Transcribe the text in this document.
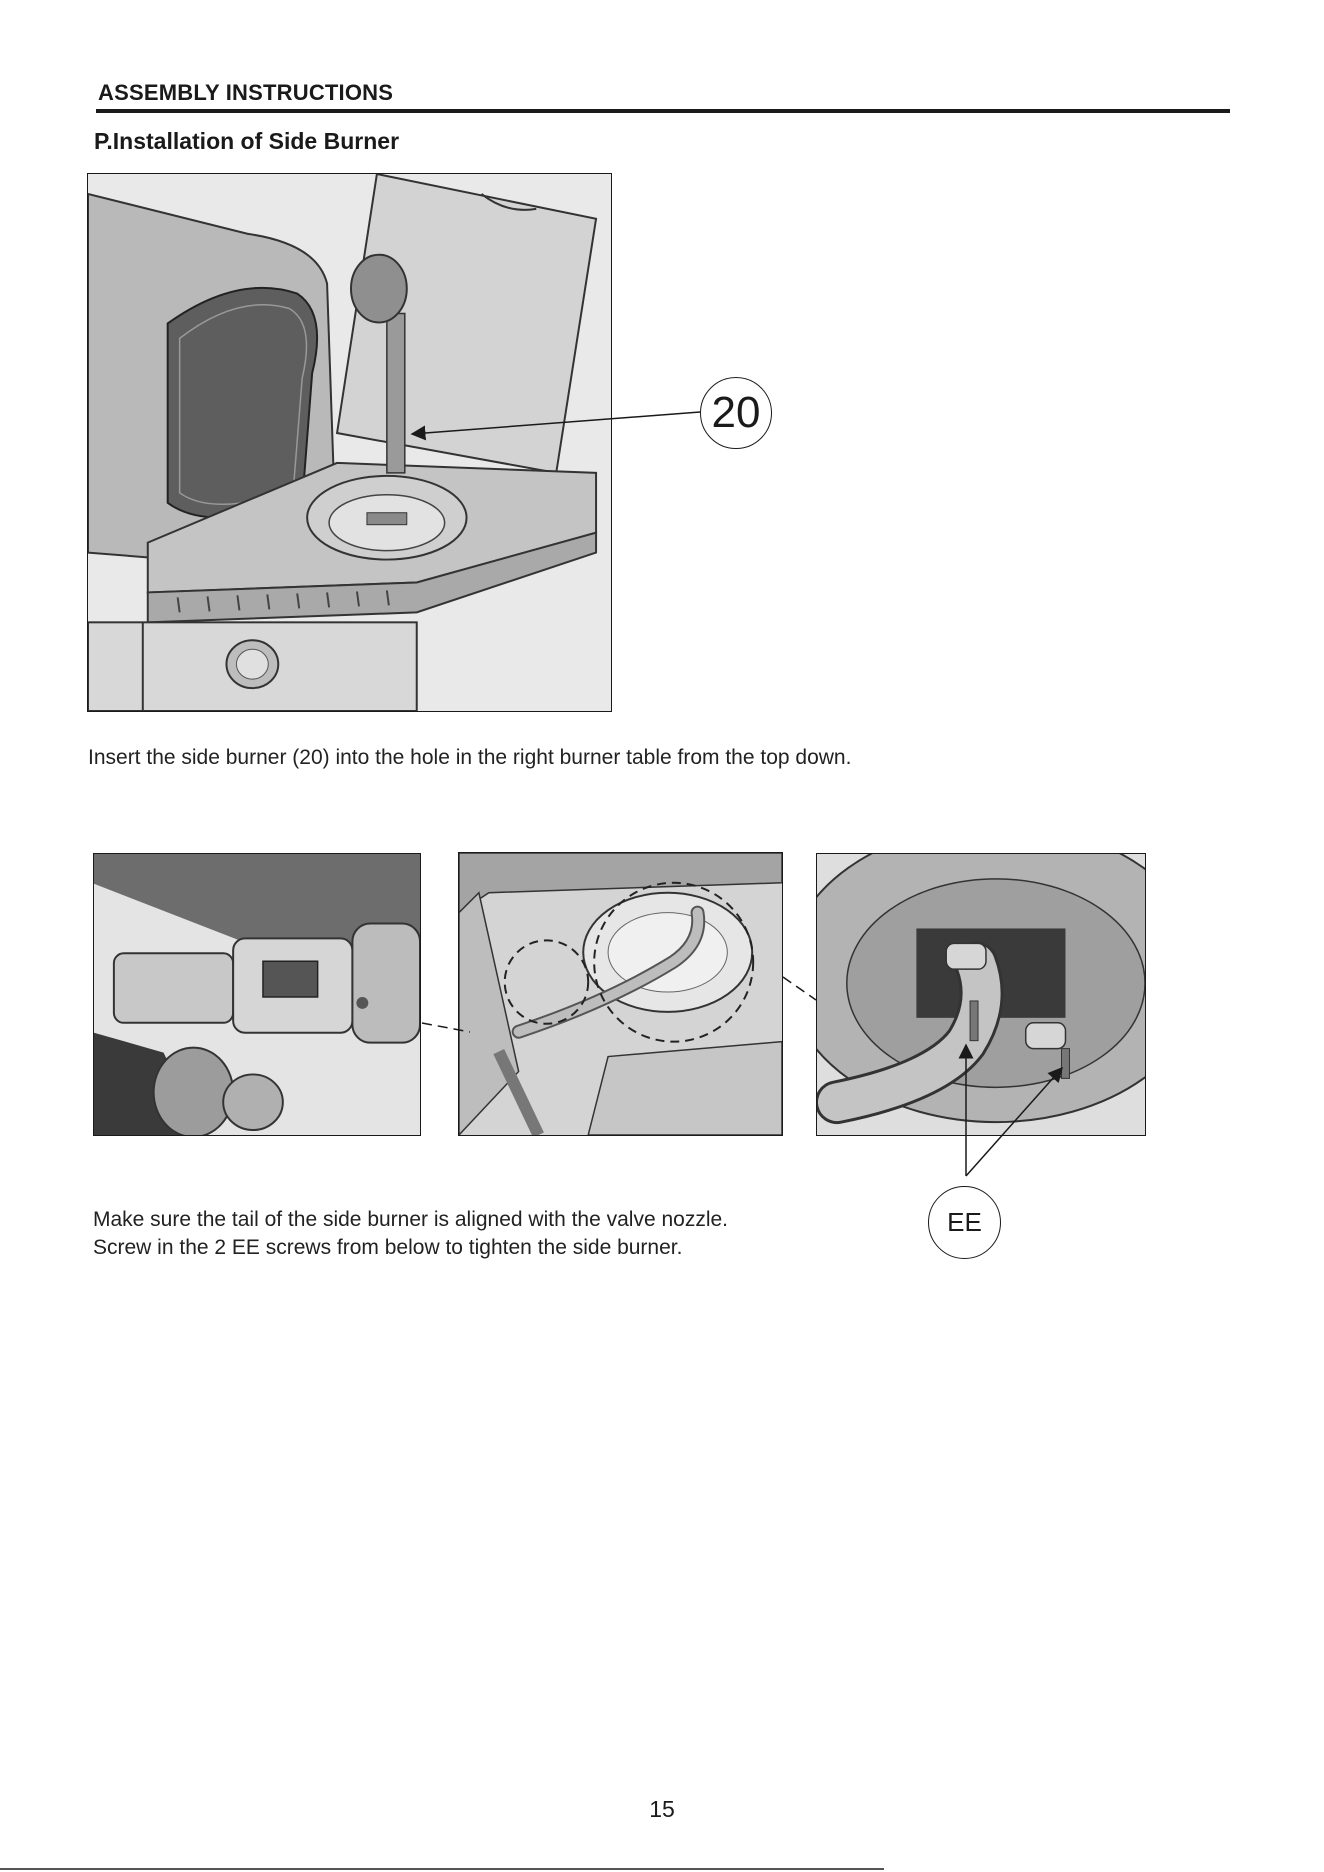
ASSEMBLY INSTRUCTIONS
P.Installation of Side Burner
20
Insert the side burner (20) into the hole in the right burner table from the top down.
EE
Make sure the tail of the side burner is aligned with the valve nozzle.
Screw in the 2 EE screws from below to tighten the side burner.
15
